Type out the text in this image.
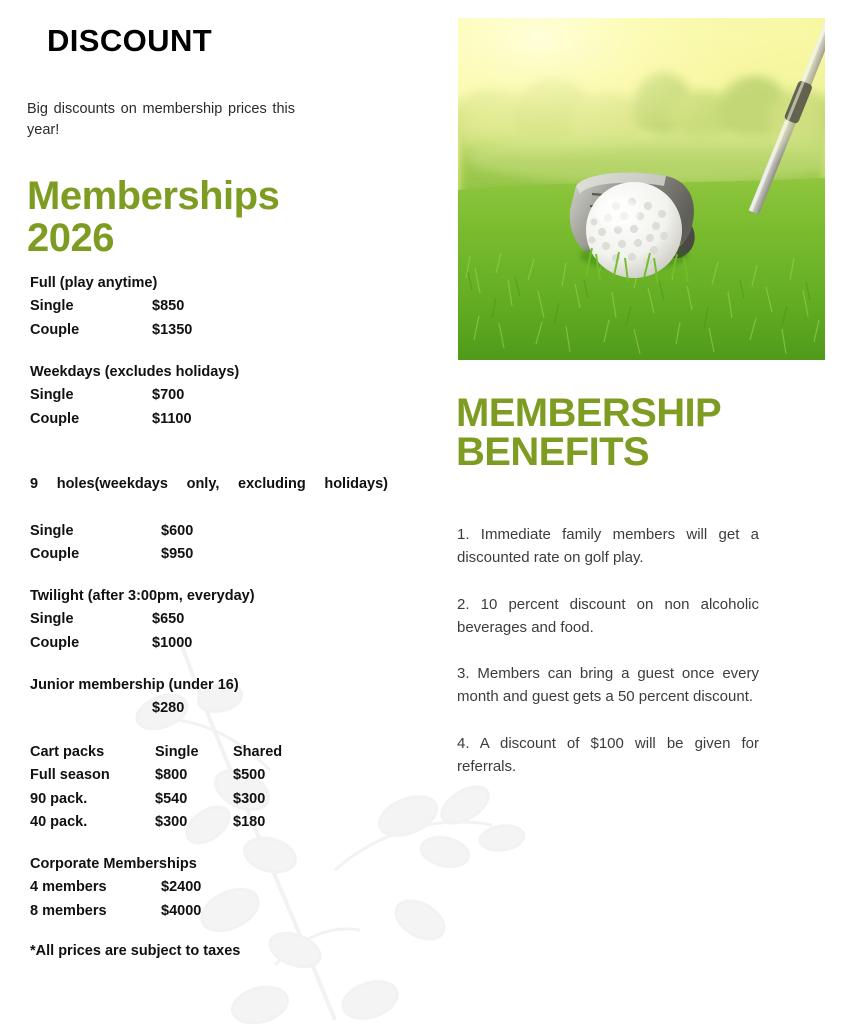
DISCOUNT
Big discounts on membership prices this year!
Memberships
2026
Full (play anytime)
Single	$850
Couple	$1350
Weekdays (excludes holidays)
Single	$700
Couple	$1100
9 holes(weekdays only, excluding holidays)
Single	$600
Couple	$950
Twilight (after 3:00pm, everyday)
Single	$650
Couple	$1000
Junior membership (under 16)
$280
Cart packs	Single Shared
Full season	$800	$500
90 pack.	$540	$300
40 pack.	$300	$180
Corporate Memberships
4 members	$2400
8 members	$4000
*All prices are subject to taxes
MEMBERSHIP
BENEFITS

1. Immediate family members will get a discounted rate on golf play.

2. 10 percent discount on non alcoholic beverages and food.

3. Members can bring a guest once every month and guest gets a 50 percent discount.

4. A discount of $100 will be given for referrals.
